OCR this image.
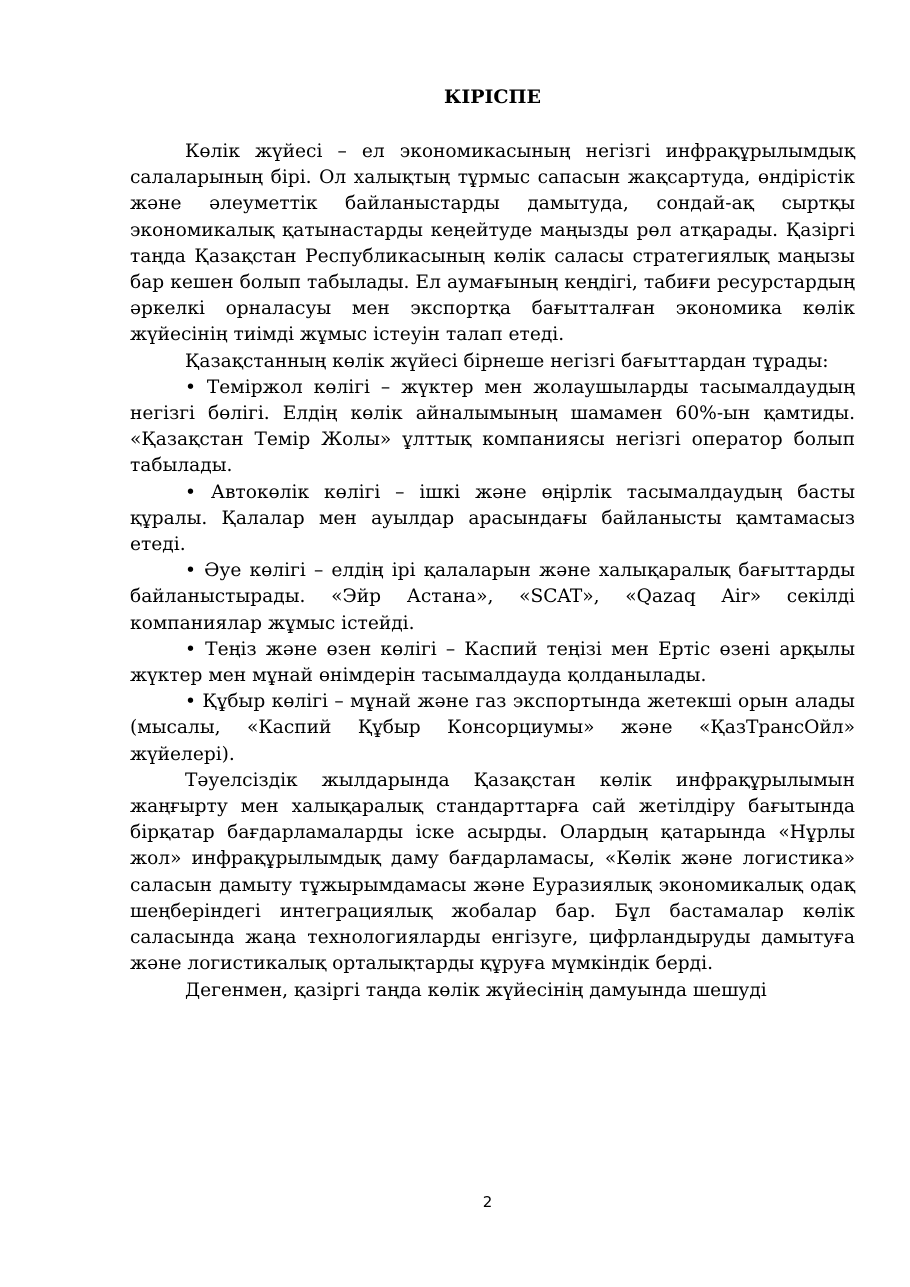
КІРІСПЕ

Көлік жүйесі – ел экономикасының негізгі инфрақұрылымдық салаларының бірі. Ол халықтың тұрмыс сапасын жақсартуда, өндірістік және әлеуметтік байланыстарды дамытуда, сондай-ақ сыртқы экономикалық қатынастарды кеңейтуде маңызды рөл атқарады. Қазіргі таңда Қазақстан Республикасының көлік саласы стратегиялық маңызы бар кешен болып табылады. Ел аумағының кеңдігі, табиғи ресурстардың әркелкі орналасуы мен экспортқа бағытталған экономика көлік жүйесінің тиімді жұмыс істеуін талап етеді.

Қазақстанның көлік жүйесі бірнеше негізгі бағыттардан тұрады:

• Теміржол көлігі – жүктер мен жолаушыларды тасымалдаудың негізгі бөлігі. Елдің көлік айналымының шамамен 60%-ын қамтиды. «Қазақстан Темір Жолы» ұлттық компаниясы негізгі оператор болып табылады.

• Автокөлік көлігі – ішкі және өңірлік тасымалдаудың басты құралы. Қалалар мен ауылдар арасындағы байланысты қамтамасыз етеді.

• Әуе көлігі – елдің ірі қалаларын және халықаралық бағыттарды байланыстырады. «Эйр Астана», «SCAT», «Qazaq Air» секілді компаниялар жұмыс істейді.

• Теңіз және өзен көлігі – Каспий теңізі мен Ертіс өзені арқылы жүктер мен мұнай өнімдерін тасымалдауда қолданылады.

• Құбыр көлігі – мұнай және газ экспортында жетекші орын алады (мысалы, «Каспий Құбыр Консорциумы» және «ҚазТрансОйл» жүйелері).

Тәуелсіздік жылдарында Қазақстан көлік инфрақұрылымын жаңғырту мен халықаралық стандарттарға сай жетілдіру бағытында бірқатар бағдарламаларды іске асырды. Олардың қатарында «Нұрлы жол» инфрақұрылымдық даму бағдарламасы, «Көлік және логистика» саласын дамыту тұжырымдамасы және Еуразиялық экономикалық одақ шеңберіндегі интеграциялық жобалар бар. Бұл бастамалар көлік саласында жаңа технологияларды енгізуге, цифрландыруды дамытуға және логистикалық орталықтарды құруға мүмкіндік берді.

Дегенмен, қазіргі таңда көлік жүйесінің дамуында шешуді

2
